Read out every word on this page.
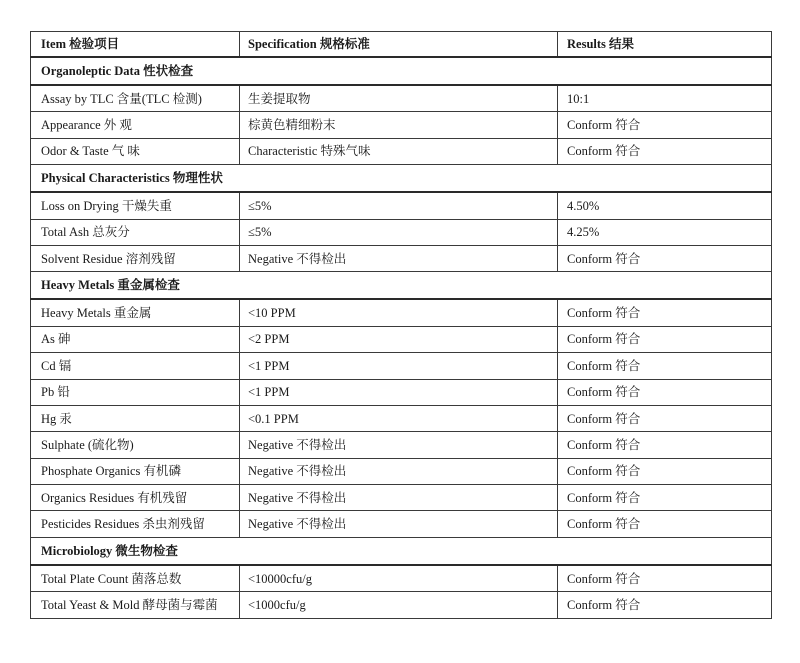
Item 检验项目	Specification 规格标准	Results 结果
Organoleptic Data 性状检查		
Assay by TLC 含量(TLC 检测)	生姜提取物	10:1
Appearance 外 观	棕黄色精细粉末	Conform 符合
Odor & Taste 气 味	Characteristic 特殊气味	Conform 符合
Physical Characteristics 物理性状		
Loss on Drying 干燥失重	≤5%	4.50%
Total Ash 总灰分	≤5%	4.25%
Solvent Residue 溶剂残留	Negative 不得检出	Conform 符合
Heavy Metals 重金属检查		
Heavy Metals 重金属	<10 PPM	Conform 符合
As 砷	<2 PPM	Conform 符合
Cd 镉	<1 PPM	Conform 符合
Pb 铅	<1 PPM	Conform 符合
Hg 汞	<0.1 PPM	Conform 符合
Sulphate (硫化物)	Negative 不得检出	Conform 符合
Phosphate Organics 有机磷	Negative 不得检出	Conform 符合
Organics Residues 有机残留	Negative 不得检出	Conform 符合
Pesticides Residues 杀虫剂残留	Negative 不得检出	Conform 符合
Microbiology 微生物检查		
Total Plate Count 菌落总数	<10000cfu/g	Conform 符合
Total Yeast & Mold 酵母菌与霉菌	<1000cfu/g	Conform 符合
